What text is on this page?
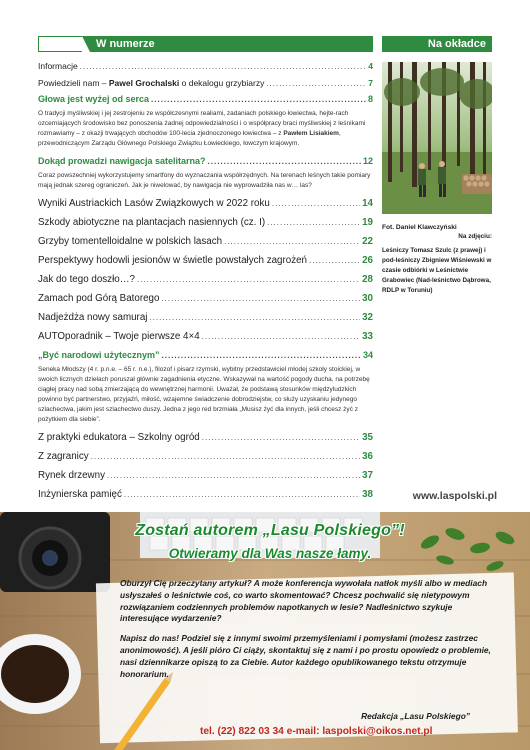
W numerze	Na okładce
Informacje .....	4
Powiedzieli nam – Pawel Grochalski o dekalogu grzybiarzy .....	7
Głowa jest wyżej od serca .....	8
O tradycji myśliwskiej i jej zestrojeniu ze współczesnymi realiami, zadaniach polskiego łowiectwa, hejte-rach ozcerniających środowisko bez ponoszenia żadnej odpowiedzialności i o współpracy braci myśliwskiej z leśnikami rozmawiamy – z okazji trwających obchodów 100-lecia zjednoczonego łowiectwa – z Pawłem Lisiakiem, przewodniczącym Zarządu Głównego Polskiego Związku Łowieckiego, łowczym krajowym.
Dokąd prowadzi nawigacja satelitarna? .....	12
Coraz powszechniej wykorzystujemy smartfony do wyznaczania współrzędnych. Na terenach leśnych takie pomiary mają jednak szereg ograniczeń. Jak je niwelować, by nawigacja nie wyprowadziła nas w… las?
Wyniki Austriackich Lasów Związkowych w 2022 roku .....	14
Szkody abiotyczne na plantacjach nasiennych (cz. I) .....	19
Grzyby tomentelloidalne w polskich lasach .....	22
Perspektywy hodowli jesionów w świetle powstałych zagrożeń .....	26
Jak do tego doszło…? .....	28
Zamach pod Górą Batorego .....	30
Nadjeżdża nowy samuraj .....	32
AUTOporadnik – Twoje pierwsze 4×4 .....	33
„Być narodowi użytecznym” .....	34
Seneka Młodszy (4 r. p.n.e. – 65 r. n.e.), filozof i pisarz rzymski, wybitny przedstawiciel młodej szkoły stoickiej, w swoich licznych dziełach poruszał głównie zagadnienia etyczne. Wskazywał na wartość pogody ducha, na potrzebę ciągłej pracy nad sobą zmierzającą do wewnętrznej harmonii. Uważał, że podstawą stosunków międzyludzkich powinno być partnerstwo, przyjaźń, miłość, wzajemne świadczenie dobrodziejstw, co służy uzyskaniu jedynego szlachectwa, jakim jest szlachectwo duszy. Jedna z jego red brzmiała „Musisz żyć dla innych, jeśli chcesz żyć z pożytkiem dla siebie”.
Z praktyki edukatora – Szkolny ogród .....	35
Z zagranicy .....	36
Rynek drzewny .....	37
Inżynierska pamięć .....	38
Fot. Daniel Klawczyński
Na zdjęciu:
Leśniczy Tomasz Szulc (z prawej) i pod-leśniczy Zbigniew Wiśniewski w czasie odbiórki w Leśnictwie Grabowiec (Nad-leśnictwo Dąbrowa, RDLP w Toruniu)
www.laspolski.pl
Zostań autorem „Lasu Polskiego”!
Otwieramy dla Was nasze łamy.

Oburzył Cię przeczytany artykuł? A może konferencja wywołała natłok myśli albo w mediach usłyszałeś o leśnictwie coś, co warto skomentować? Chcesz pochwalić się nietypowym rozwiązaniem codziennych problemów napotkanych w lesie? Nadleśnictwo szykuje interesujące wydarzenie?

Napisz do nas! Podziel się z innymi swoimi przemyśleniami i pomysłami (możesz zastrzec anonimowość). A jeśli pióro Ci ciąży, skontaktuj się z nami i po prostu opowiedz o problemie, nasi dziennikarze opiszą to za Ciebie. Autor każdego opublikowanego tekstu otrzymuje honorarium.

Redakcja „Lasu Polskiego”
tel. (22) 822 03 34 e-mail: laspolski@oikos.net.pl
